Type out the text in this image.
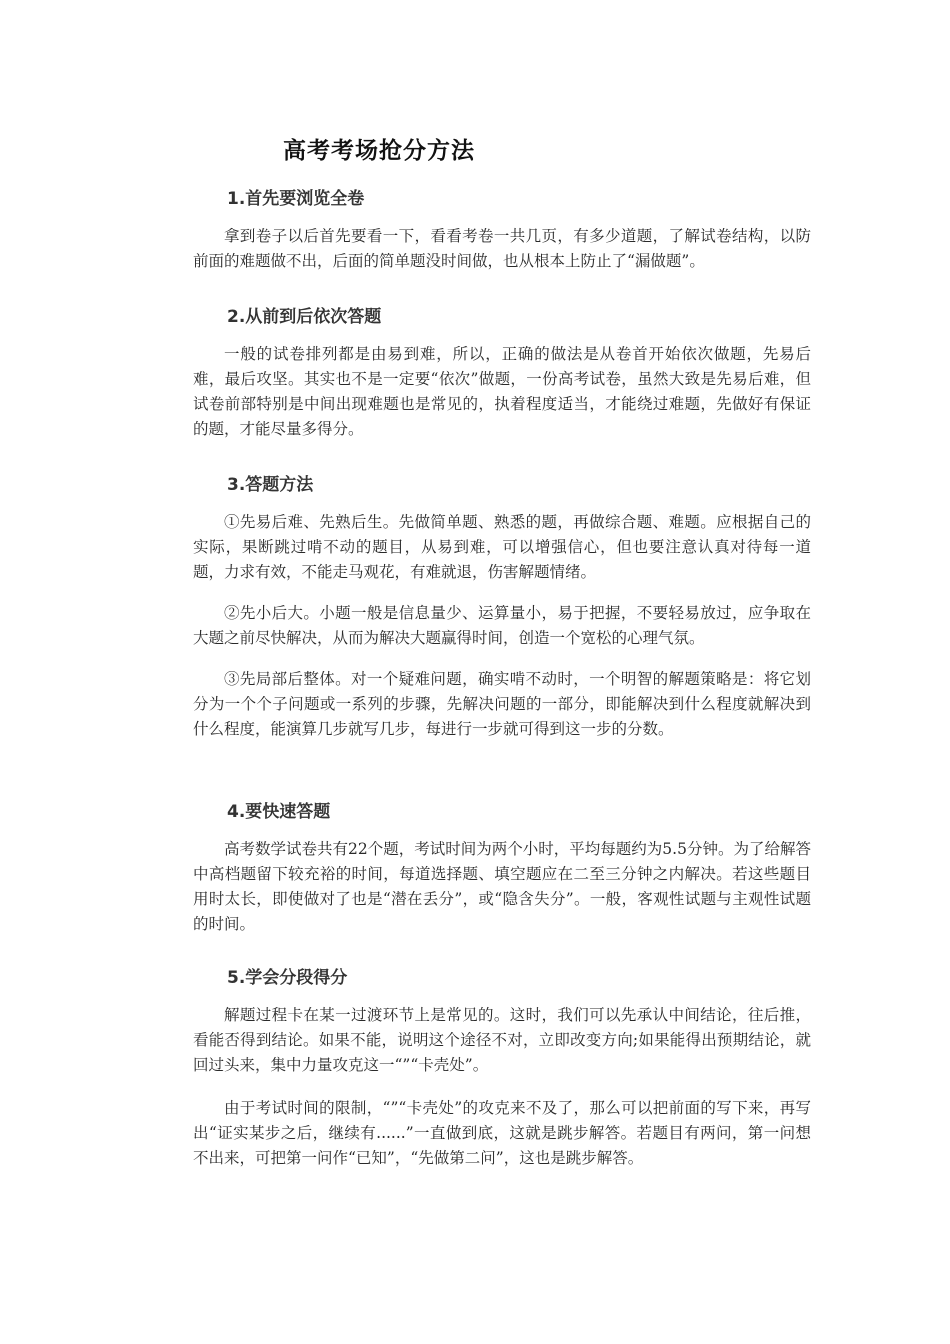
高考考场抢分方法
1.首先要浏览全卷

拿到卷子以后首先要看一下，看看考卷一共几页，有多少道题，了解试卷结构，以防前面的难题做不出，后面的简单题没时间做，也从根本上防止了“漏做题”。

2.从前到后依次答题

一般的试卷排列都是由易到难，所以，正确的做法是从卷首开始依次做题，先易后难，最后攻坚。其实也不是一定要“依次”做题，一份高考试卷，虽然大致是先易后难，但试卷前部特别是中间出现难题也是常见的，执着程度适当，才能绕过难题，先做好有保证的题，才能尽量多得分。

3.答题方法

①先易后难、先熟后生。先做简单题、熟悉的题，再做综合题、难题。应根据自己的实际，果断跳过啃不动的题目，从易到难，可以增强信心，但也要注意认真对待每一道题，力求有效，不能走马观花，有难就退，伤害解题情绪。

②先小后大。小题一般是信息量少、运算量小，易于把握，不要轻易放过，应争取在大题之前尽快解决，从而为解决大题赢得时间，创造一个宽松的心理气氛。

③先局部后整体。对一个疑难问题，确实啃不动时，一个明智的解题策略是：将它划分为一个个子问题或一系列的步骤，先解决问题的一部分，即能解决到什么程度就解决到什么程度，能演算几步就写几步，每进行一步就可得到这一步的分数。

4.要快速答题

高考数学试卷共有22个题，考试时间为两个小时，平均每题约为5.5分钟。为了给解答中高档题留下较充裕的时间，每道选择题、填空题应在二至三分钟之内解决。若这些题目用时太长，即使做对了也是“潜在丢分”，或“隐含失分”。一般，客观性试题与主观性试题的时间。

5.学会分段得分

解题过程卡在某一过渡环节上是常见的。这时，我们可以先承认中间结论，往后推，看能否得到结论。如果不能，说明这个途径不对，立即改变方向;如果能得出预期结论，就回过头来，集中力量攻克这一“”“卡壳处”。

由于考试时间的限制，“”“卡壳处”的攻克来不及了，那么可以把前面的写下来，再写出“证实某步之后，继续有......”一直做到底，这就是跳步解答。若题目有两问，第一问想不出来，可把第一问作“已知”，“先做第二问”，这也是跳步解答。
